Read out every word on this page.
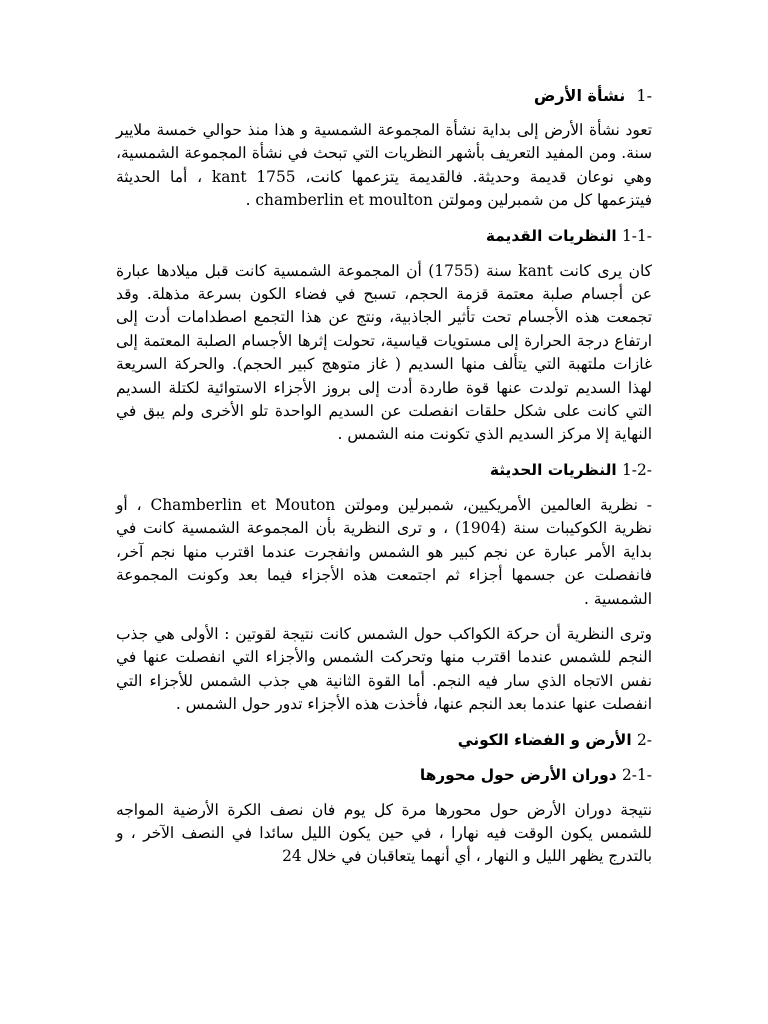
-1  نشأة الأرض

تعود نشأة الأرض إلى بداية نشأة المجموعة الشمسية و هذا منذ حوالي خمسة ملايير سنة. ومن المفيد التعريف بأشهر النظريات التي تبحث في نشأة المجموعة الشمسية، وهي نوعان قديمة وحديثة. فالقديمة يتزعمها كانت، kant 1755 ، أما الحديثة فيتزعمها كل من شمبرلين ومولتن chamberlin et moulton .

-1-1 النظريات القديمة

كان يرى كانت kant سنة (1755) أن المجموعة الشمسية كانت قبل ميلادها عبارة عن أجسام صلبة معتمة قزمة الحجم، تسبح في فضاء الكون بسرعة مذهلة. وقد تجمعت هذه الأجسام تحت تأثير الجاذبية، ونتج عن هذا التجمع اصطدامات أدت إلى ارتفاع درجة الحرارة إلى مستويات قياسية، تحولت إثرها الأجسام الصلبة المعتمة إلى غازات ملتهبة التي يتألف منها السديم ( غاز متوهج كبير الحجم). والحركة السريعة لهذا السديم تولدت عنها قوة طاردة أدت إلى بروز الأجزاء الاستوائية لكتلة السديم التي كانت على شكل حلقات انفصلت عن السديم الواحدة تلو الأخرى ولم يبق في النهاية إلا مركز السديم الذي تكونت منه الشمس .

-1-2 النظريات الحديثة

- نظرية العالمين الأمريكيين، شمبرلين ومولتن Chamberlin et Mouton ، أو نظرية الكوكيبات سنة (1904) ، و ترى النظرية بأن المجموعة الشمسية كانت في بداية الأمر عبارة عن نجم كبير هو الشمس وانفجرت عندما اقترب منها نجم آخر، فانفصلت عن جسمها أجزاء ثم اجتمعت هذه الأجزاء فيما بعد وكونت المجموعة الشمسية .

وترى النظرية أن حركة الكواكب حول الشمس كانت نتيجة لقوتين : الأولى هي جذب النجم للشمس عندما اقترب منها وتحركت الشمس والأجزاء التي انفصلت عنها في نفس الاتجاه الذي سار فيه النجم. أما القوة الثانية هي جذب الشمس للأجزاء التي انفصلت عنها عندما بعد النجم عنها، فأخذت هذه الأجزاء تدور حول الشمس .

-2 الأرض و الفضاء الكوني
-2-1 دوران الأرض حول محورها

نتيجة دوران الأرض حول محورها مرة كل يوم فان نصف الكرة الأرضية المواجه للشمس يكون الوقت فيه نهارا ، في حين يكون الليل سائدا في النصف الآخر ، و بالتدرج يظهر الليل و النهار ، أي أنهما يتعاقبان في خلال 24
